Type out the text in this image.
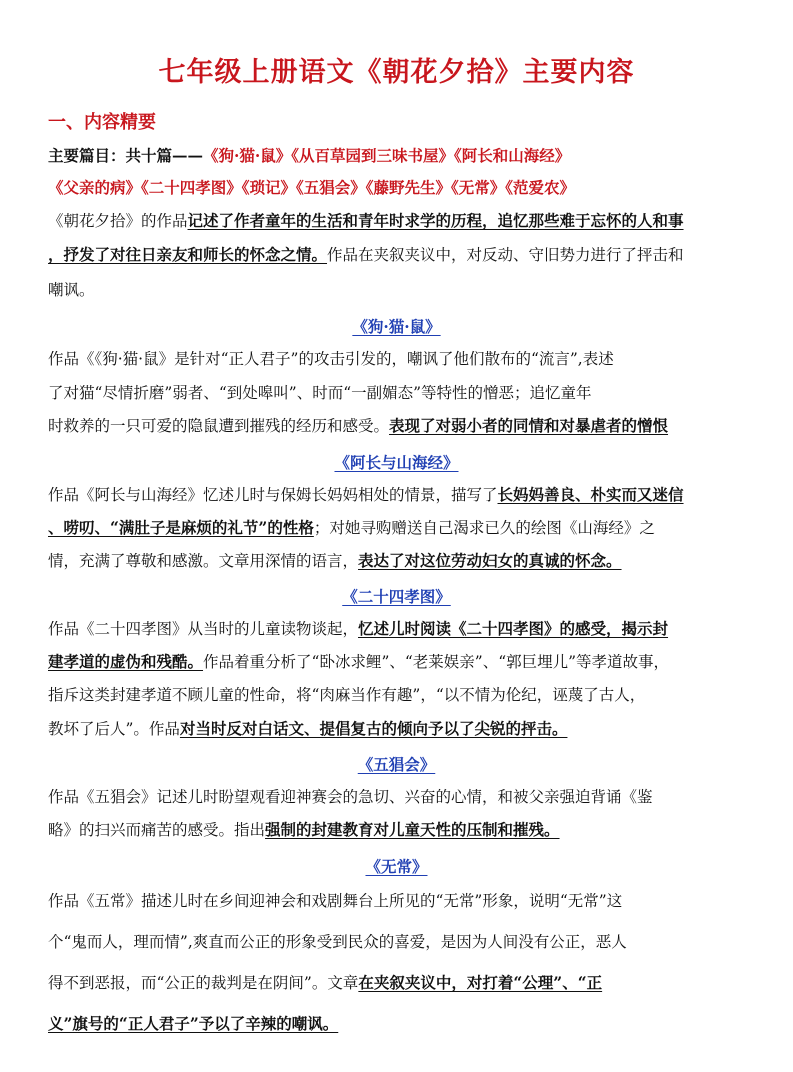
七年级上册语文《朝花夕拾》主要内容
一、内容精要
主要篇目：共十篇——《狗·猫·鼠》《从百草园到三味书屋》《阿长和山海经》
《父亲的病》《二十四孝图》《琐记》《五猖会》《藤野先生》《无常》《范爱农》
《朝花夕拾》的作品记述了作者童年的生活和青年时求学的历程，追忆那些难于忘怀的人和事
，抒发了对往日亲友和师长的怀念之情。作品在夹叙夹议中，对反动、守旧势力进行了抨击和
嘲讽。
《狗·猫·鼠》
作品《《狗·猫·鼠》是针对“正人君子”的攻击引发的，嘲讽了他们散布的“流言”,表述
了对猫“尽情折磨”弱者、“到处嗥叫”、时而“一副媚态”等特性的憎恶；追忆童年
时救养的一只可爱的隐鼠遭到摧残的经历和感受。表现了对弱小者的同情和对暴虐者的憎恨
《阿长与山海经》
作品《阿长与山海经》忆述儿时与保姆长妈妈相处的情景，描写了长妈妈善良、朴实而又迷信
、唠叨、“满肚子是麻烦的礼节”的性格；对她寻购赠送自己渴求已久的绘图《山海经》之
情，充满了尊敬和感激。文章用深情的语言，表达了对这位劳动妇女的真诚的怀念。
《二十四孝图》
作品《二十四孝图》从当时的儿童读物谈起，忆述儿时阅读《二十四孝图》的感受，揭示封
建孝道的虚伪和残酷。作品着重分析了“卧冰求鲤”、“老莱娱亲”、“郭巨埋儿”等孝道故事，
指斥这类封建孝道不顾儿童的性命，将“肉麻当作有趣”，“以不情为伦纪，诬蔑了古人，
教坏了后人”。作品对当时反对白话文、提倡复古的倾向予以了尖锐的抨击。
《五猖会》
作品《五猖会》记述儿时盼望观看迎神赛会的急切、兴奋的心情，和被父亲强迫背诵《鉴
略》的扫兴而痛苦的感受。指出强制的封建教育对儿童天性的压制和摧残。
《无常》
作品《五常》描述儿时在乡间迎神会和戏剧舞台上所见的“无常”形象，说明“无常”这
个“鬼而人，理而情”,爽直而公正的形象受到民众的喜爱，是因为人间没有公正，恶人
得不到恶报，而“公正的裁判是在阴间”。文章在夹叙夹议中，对打着“公理”、“正
义”旗号的“正人君子”予以了辛辣的嘲讽。
